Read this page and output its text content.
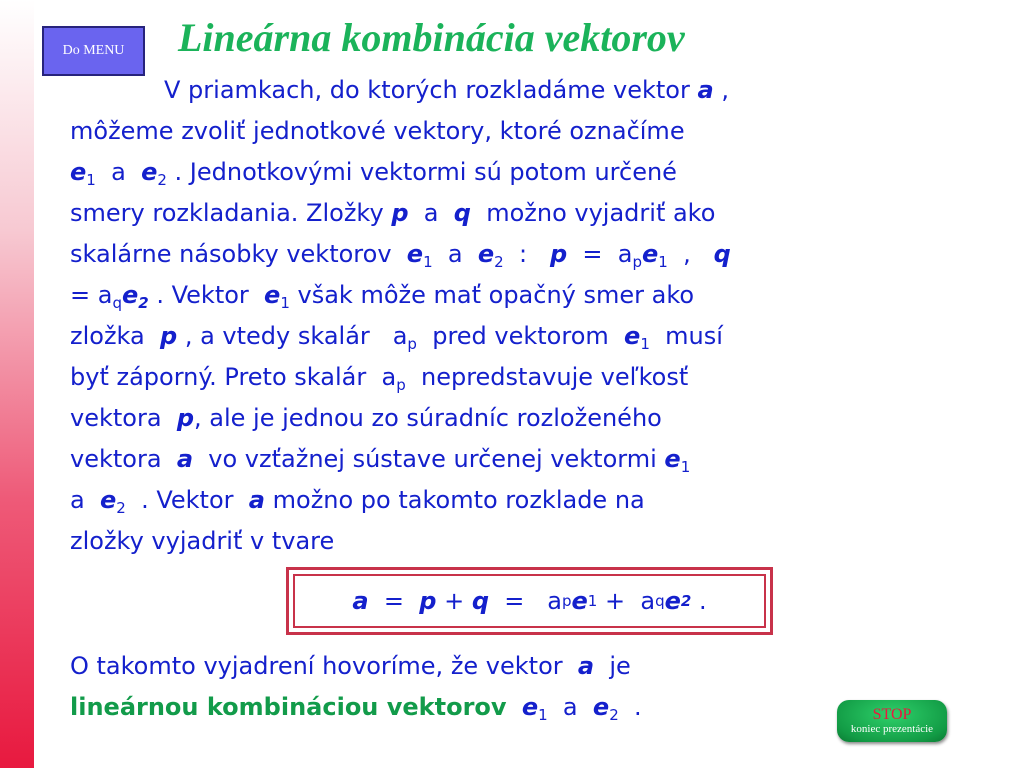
Do MENU Lineárna kombinácia vektorov
V priamkach, do ktorých rozkladáme vektor a ,
môžeme zvoliť jednotkové vektory, ktoré označíme
$e_1$ a $e_2$ . Jednotkovými vektormi sú potom určené
smery rozkladania. Zložky p a q možno vyjadriť ako
skalárne násobky vektorov $e_1$ a $e_2$ : $p = a_pe_1$ , q
= $a_qe_2$ . Vektor $e_1$ však môže mať opačný smer ako
zložka p , a vtedy skalár $a_p$ pred vektorom $e_1$ musí
byť záporný. Preto skalár $a_p$ nepredstavuje veľkosť
vektora p, ale je jednou zo súradníc rozloženého
vektora a vo vzťažnej sústave určenej vektormi $e_1$
a $e_2$ . Vektor a možno po takomto rozklade na
zložky vyjadriť v tvare
a
=
p
+
q
=
a p e 1
+
a q e 2
.
O takomto vyjadrení hovoríme, že vektor a je
lineárnou kombináciou vektorov $e_1$ a $e_2$ .	STOP
koniec prezentácie
